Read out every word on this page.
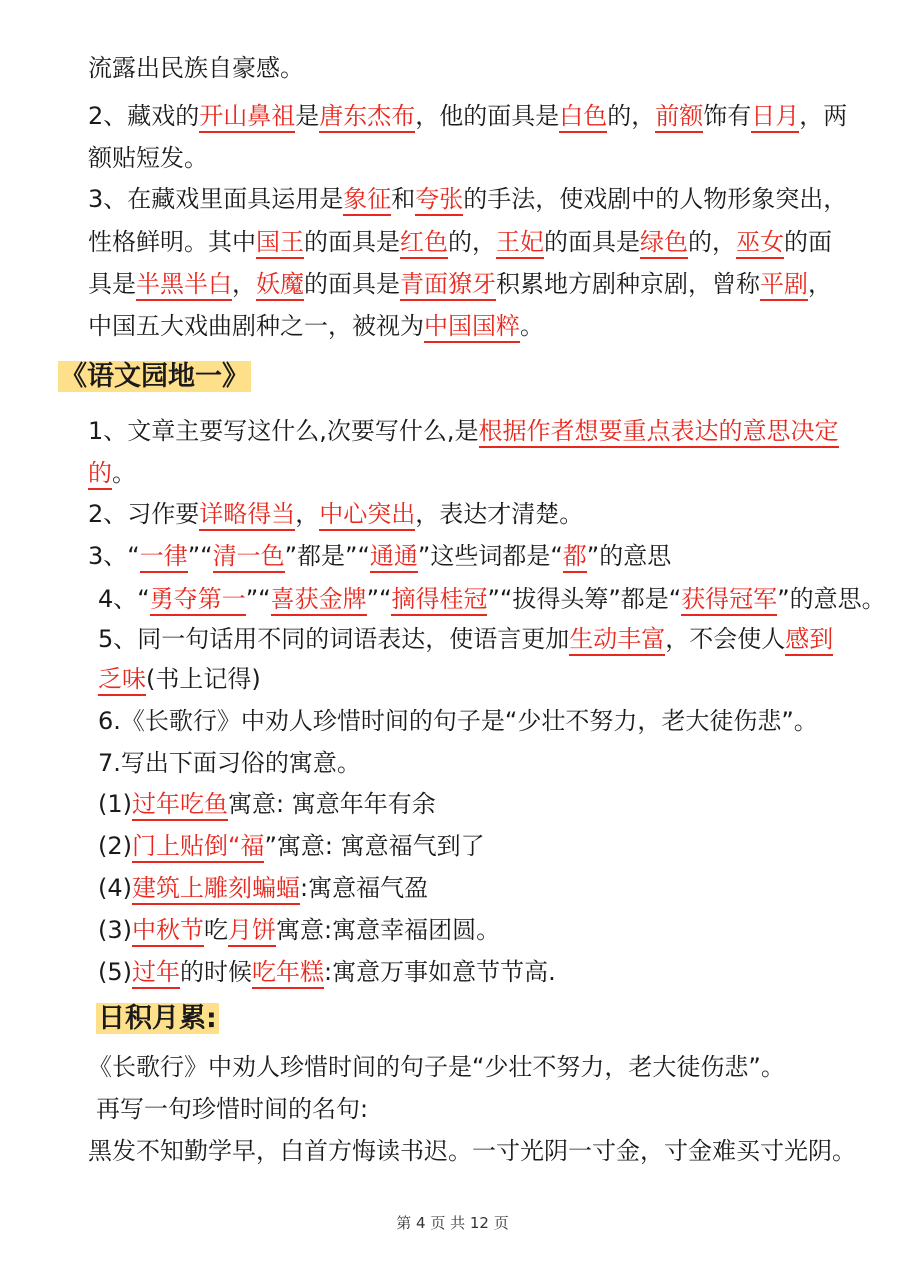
流露出民族自豪感。
2、藏戏的开山鼻祖是唐东杰布，他的面具是白色的，前额饰有日月，两
额贴短发。
3、在藏戏里面具运用是象征和夸张的手法，使戏剧中的人物形象突出，
性格鲜明。其中国王的面具是红色的，王妃的面具是绿色的，巫女的面
具是半黑半白，妖魔的面具是青面獠牙积累地方剧种京剧，曾称平剧，
中国五大戏曲剧种之一，被视为中国国粹。
《语文园地一》
1、文章主要写这什么,次要写什么,是根据作者想要重点表达的意思决定
的。
2、习作要详略得当，中心突出，表达才清楚。
3、“一律”“清一色”都是”“通通”这些词都是“都”的意思
4、“勇夺第一”“喜获金牌”“摘得桂冠”“拔得头筹”都是“获得冠军”的意思。
5、同一句话用不同的词语表达，使语言更加生动丰富，不会使人感到
乏味(书上记得)
6.《长歌行》中劝人珍惜时间的句子是“少壮不努力，老大徒伤悲”。
7.写出下面习俗的寓意。
(1)过年吃鱼寓意: 寓意年年有余
(2)门上贴倒“福”寓意: 寓意福气到了
(4)建筑上雕刻蝙蝠:寓意福气盈
(3)中秋节吃月饼寓意:寓意幸福团圆。
(5)过年的时候吃年糕:寓意万事如意节节高.
日积月累:
《长歌行》中劝人珍惜时间的句子是“少壮不努力，老大徒伤悲”。
再写一句珍惜时间的名句:
黑发不知勤学早，白首方悔读书迟。一寸光阴一寸金，寸金难买寸光阴。
第 4 页 共 12 页
